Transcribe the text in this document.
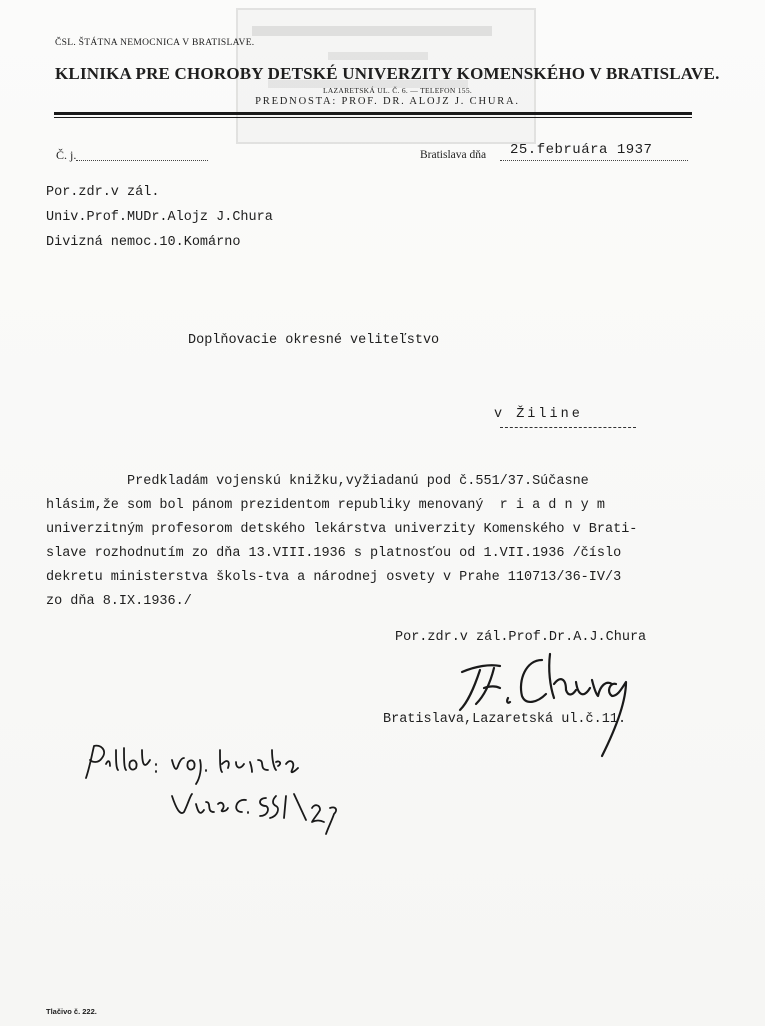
ČSL. ŠTÁTNA NEMOCNICA V BRATISLAVE.
KLINIKA PRE CHOROBY DETSKÉ UNIVERZITY KOMENSKÉHO V BRATISLAVE.
LAZARETSKÁ UL. Č. 6. — TELEFON 155.
PREDNOSTA: PROF. DR. ALOJZ J. CHURA.
Č. j.	Bratislava dňa 25.februára 1937
Por.zdr.v zál.
Univ.Prof.MUDr.Alojz J.Chura
Divizná nemoc.10.Komárno
Doplňovacie okresné veliteľstvo
v Žiline
Predkladám vojenskú knižku,vyžiadanú pod č.551/37.Súčasne
hlásim,že som bol pánom prezidentom republiky menovaný  r i a d n y m
univerzitným profesorom detského lekárstva univerzity Komenského v Brati-
slave rozhodnutím zo dňa 13.VIII.1936 s platnosťou od 1.VII.1936 /číslo
dekretu ministerstva škols-tva a národnej osvety v Prahe 110713/36-IV/3
zo dňa 8.IX.1936./
Por.zdr.v zál.Prof.Dr.A.J.Chura
Bratislava,Lazaretská ul.č.11.
Tlačivo č. 222.
